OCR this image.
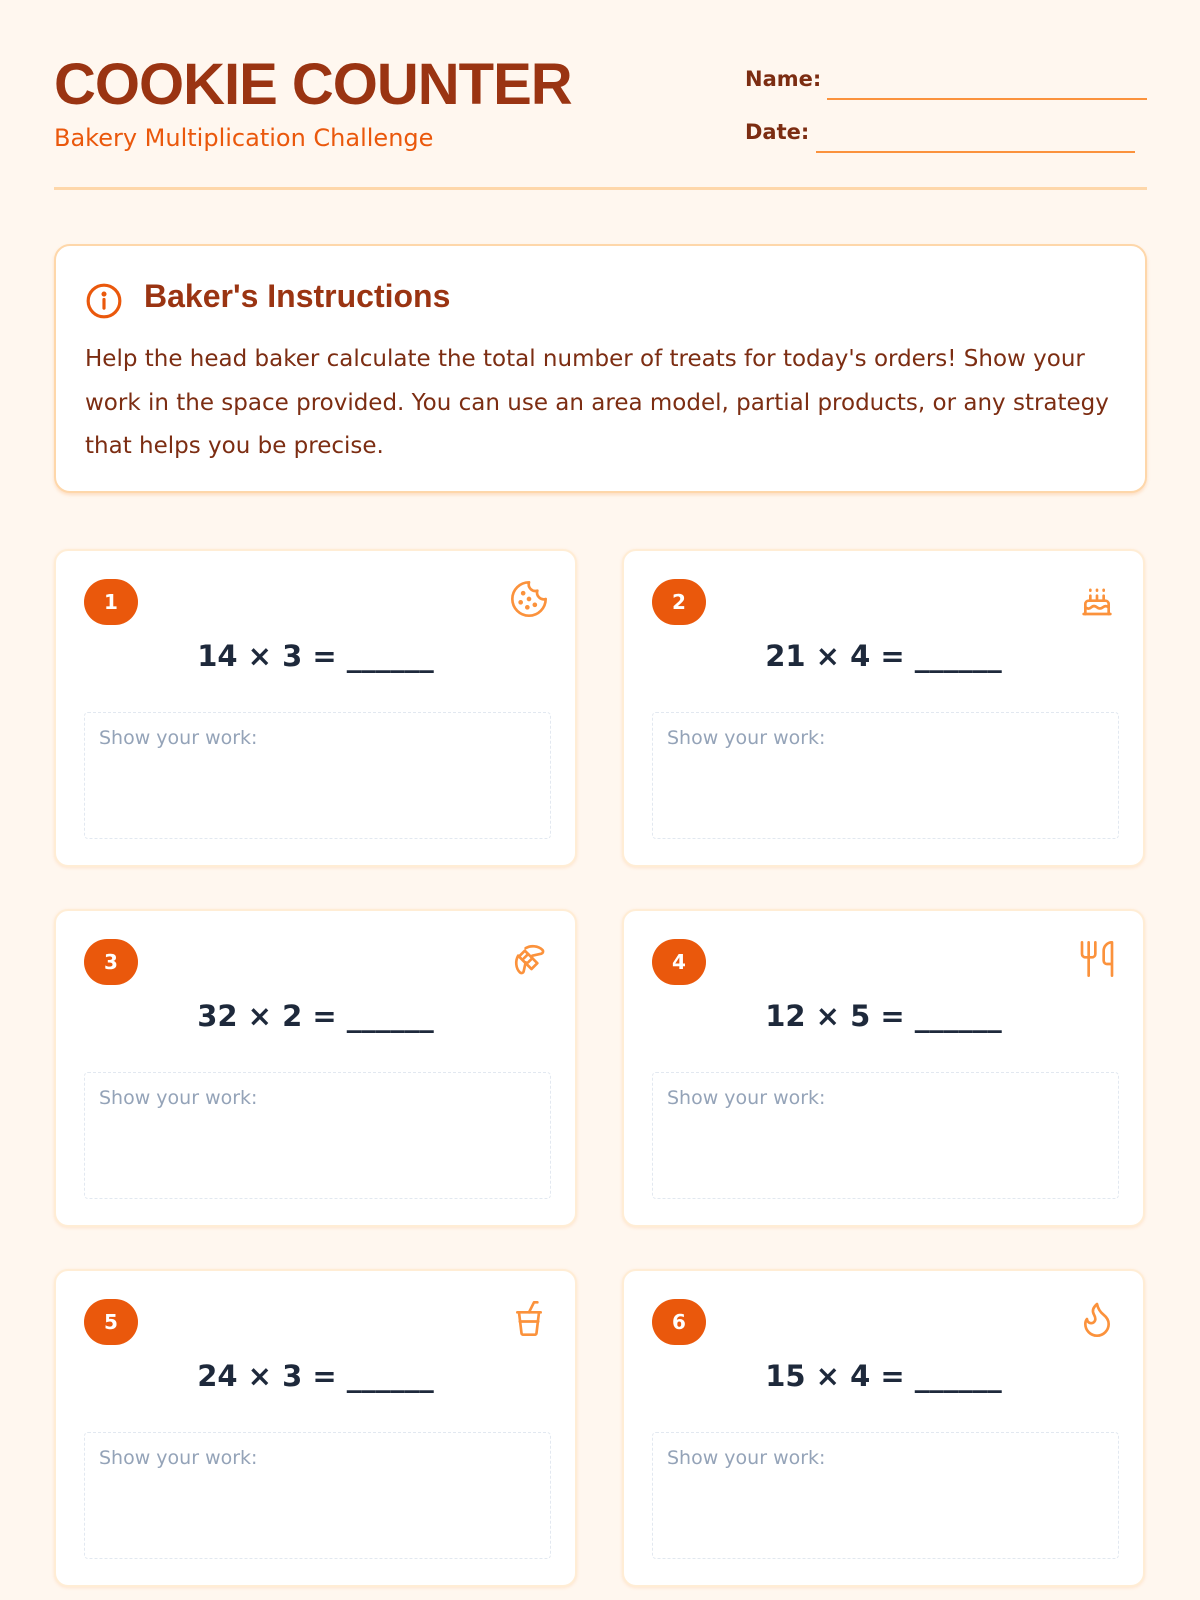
COOKIE COUNTER
Bakery Multiplication Challenge
Name:
Date:
Baker's Instructions
Help the head baker calculate the total number of treats for today's orders! Show your work in the space provided. You can use an area model, partial products, or any strategy that helps you be precise.
1
14 × 3 = ______
Show your work:
2
21 × 4 = ______
Show your work:
3
32 × 2 = ______
Show your work:
4
12 × 5 = ______
Show your work:
5
24 × 3 = ______
Show your work:
6
15 × 4 = ______
Show your work:
